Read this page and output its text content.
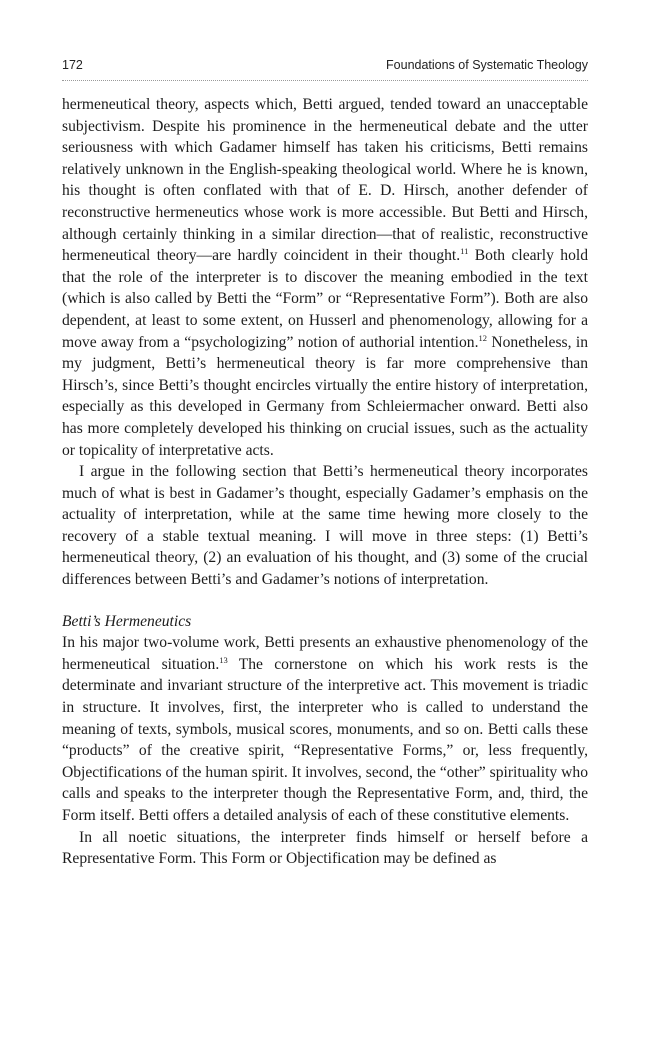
172	Foundations of Systematic Theology

hermeneutical theory, aspects which, Betti argued, tended toward an unacceptable subjectivism. Despite his prominence in the hermeneutical debate and the utter seriousness with which Gadamer himself has taken his criticisms, Betti remains relatively unknown in the English-speaking theological world. Where he is known, his thought is often conflated with that of E. D. Hirsch, another defender of reconstructive hermeneutics whose work is more accessible. But Betti and Hirsch, although certainly thinking in a similar direction—that of realistic, reconstructive hermeneutical theory—are hardly coincident in their thought.$^{11}$ Both clearly hold that the role of the interpreter is to discover the meaning embodied in the text (which is also called by Betti the “Form” or “Representative Form”). Both are also dependent, at least to some extent, on Husserl and phenomenology, allowing for a move away from a “psychologizing” notion of authorial intention.$^{12}$ Nonetheless, in my judgment, Betti’s hermeneutical theory is far more comprehensive than Hirsch’s, since Betti’s thought encircles virtually the entire history of interpretation, especially as this developed in Germany from Schleiermacher onward. Betti also has more completely developed his thinking on crucial issues, such as the actuality or topicality of interpretative acts.

I argue in the following section that Betti’s hermeneutical theory incorporates much of what is best in Gadamer’s thought, especially Gadamer’s emphasis on the actuality of interpretation, while at the same time hewing more closely to the recovery of a stable textual meaning. I will move in three steps: (1) Betti’s hermeneutical theory, (2) an evaluation of his thought, and (3) some of the crucial differences between Betti’s and Gadamer’s notions of interpretation.

Betti’s Hermeneutics

In his major two-volume work, Betti presents an exhaustive phenomenology of the hermeneutical situation.$^{13}$ The cornerstone on which his work rests is the determinate and invariant structure of the interpretive act. This movement is triadic in structure. It involves, first, the interpreter who is called to understand the meaning of texts, symbols, musical scores, monuments, and so on. Betti calls these “products” of the creative spirit, “Representative Forms,” or, less frequently, Objectifications of the human spirit. It involves, second, the “other” spirituality who calls and speaks to the interpreter though the Representative Form, and, third, the Form itself. Betti offers a detailed analysis of each of these constitutive elements.

In all noetic situations, the interpreter finds himself or herself before a Representative Form. This Form or Objectification may be defined as
